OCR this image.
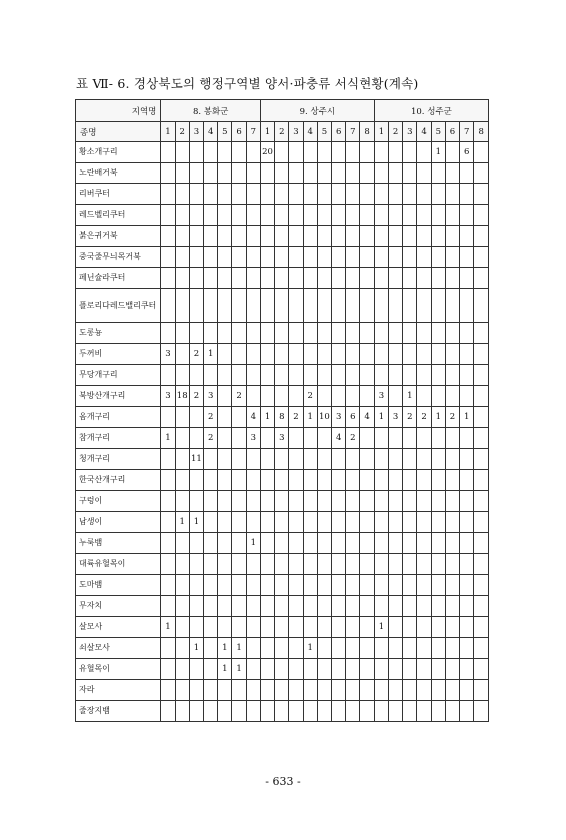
표 Ⅶ- 6. 경상북도의 행정구역별 양서·파충류 서식현황(계속)
지역명	8. 봉화군							9. 상주시								10. 성주군							
종명	1	2	3	4	5	6	7	1	2	3	4	5	6	7	8	1	2	3	4	5	6	7	8
황소개구리								20												1		6	
노란배거북																							
리버쿠터																							
레드벨리쿠터																							
붉은귀거북																							
중국줄무늬목거북																							
페닌슐라쿠터																							
플로리다레드밸리쿠터																							
도롱뇽																							
두꺼비	3		2	1																			
무당개구리																							
북방산개구리	3	18	2	3		2					2					3		1					
옴개구리				2			4	1	8	2	1	10	3	6	4	1	3	2	2	1	2	1	
참개구리	1			2			3		3				4	2									
청개구리			11																				
한국산개구리																							
구렁이																							
남생이		1	1																				
누룩뱀							1																
대륙유혈목이																							
도마뱀																							
무자치																							
살모사	1															1							
쇠살모사			1		1	1					1												
유혈목이					1	1																	
자라																							
줄장지뱀																							
- 633 -
